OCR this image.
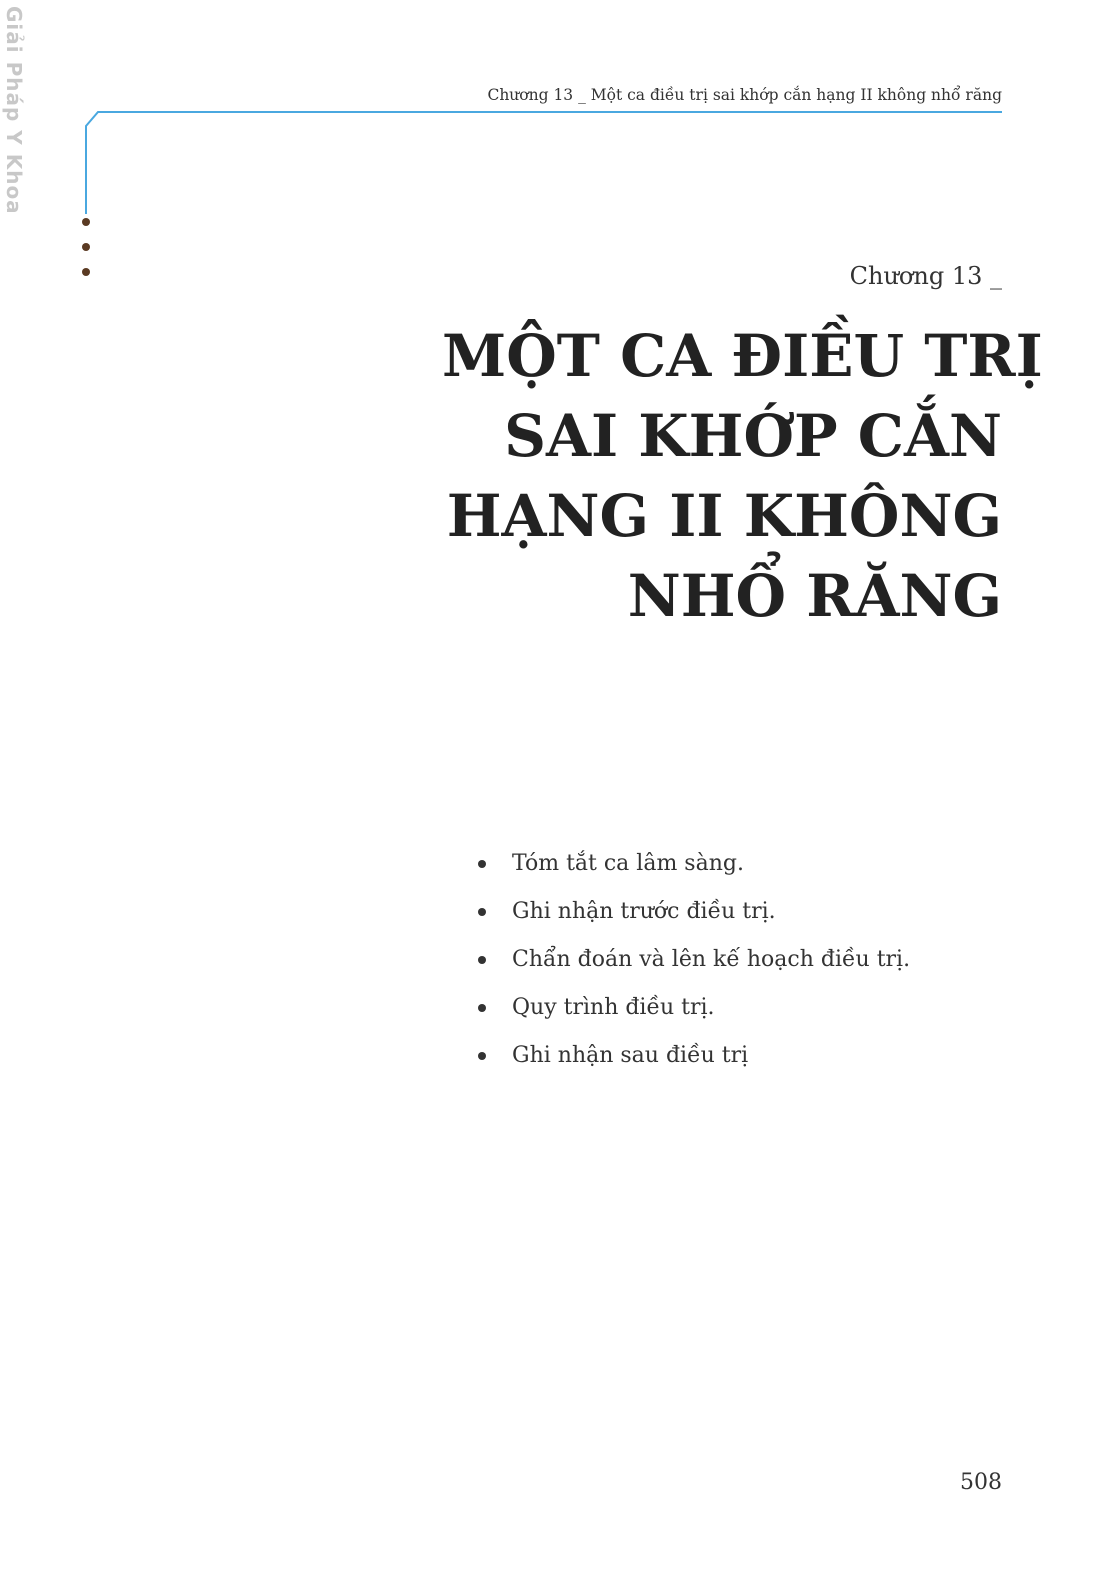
Giải Pháp Y Khoa	Chương 13 _ Một ca điều trị sai khớp cắn hạng II không nhổ răng
Chương 13 _
MỘT CA ĐIỀU TRỊ
SAI KHỚP CẮN
HẠNG II KHÔNG
NHỔ RĂNG
Tóm tắt ca lâm sàng.
Ghi nhận trước điều trị.
Chẩn đoán và lên kế hoạch điều trị.
Quy trình điều trị.
Ghi nhận sau điều trị
508
